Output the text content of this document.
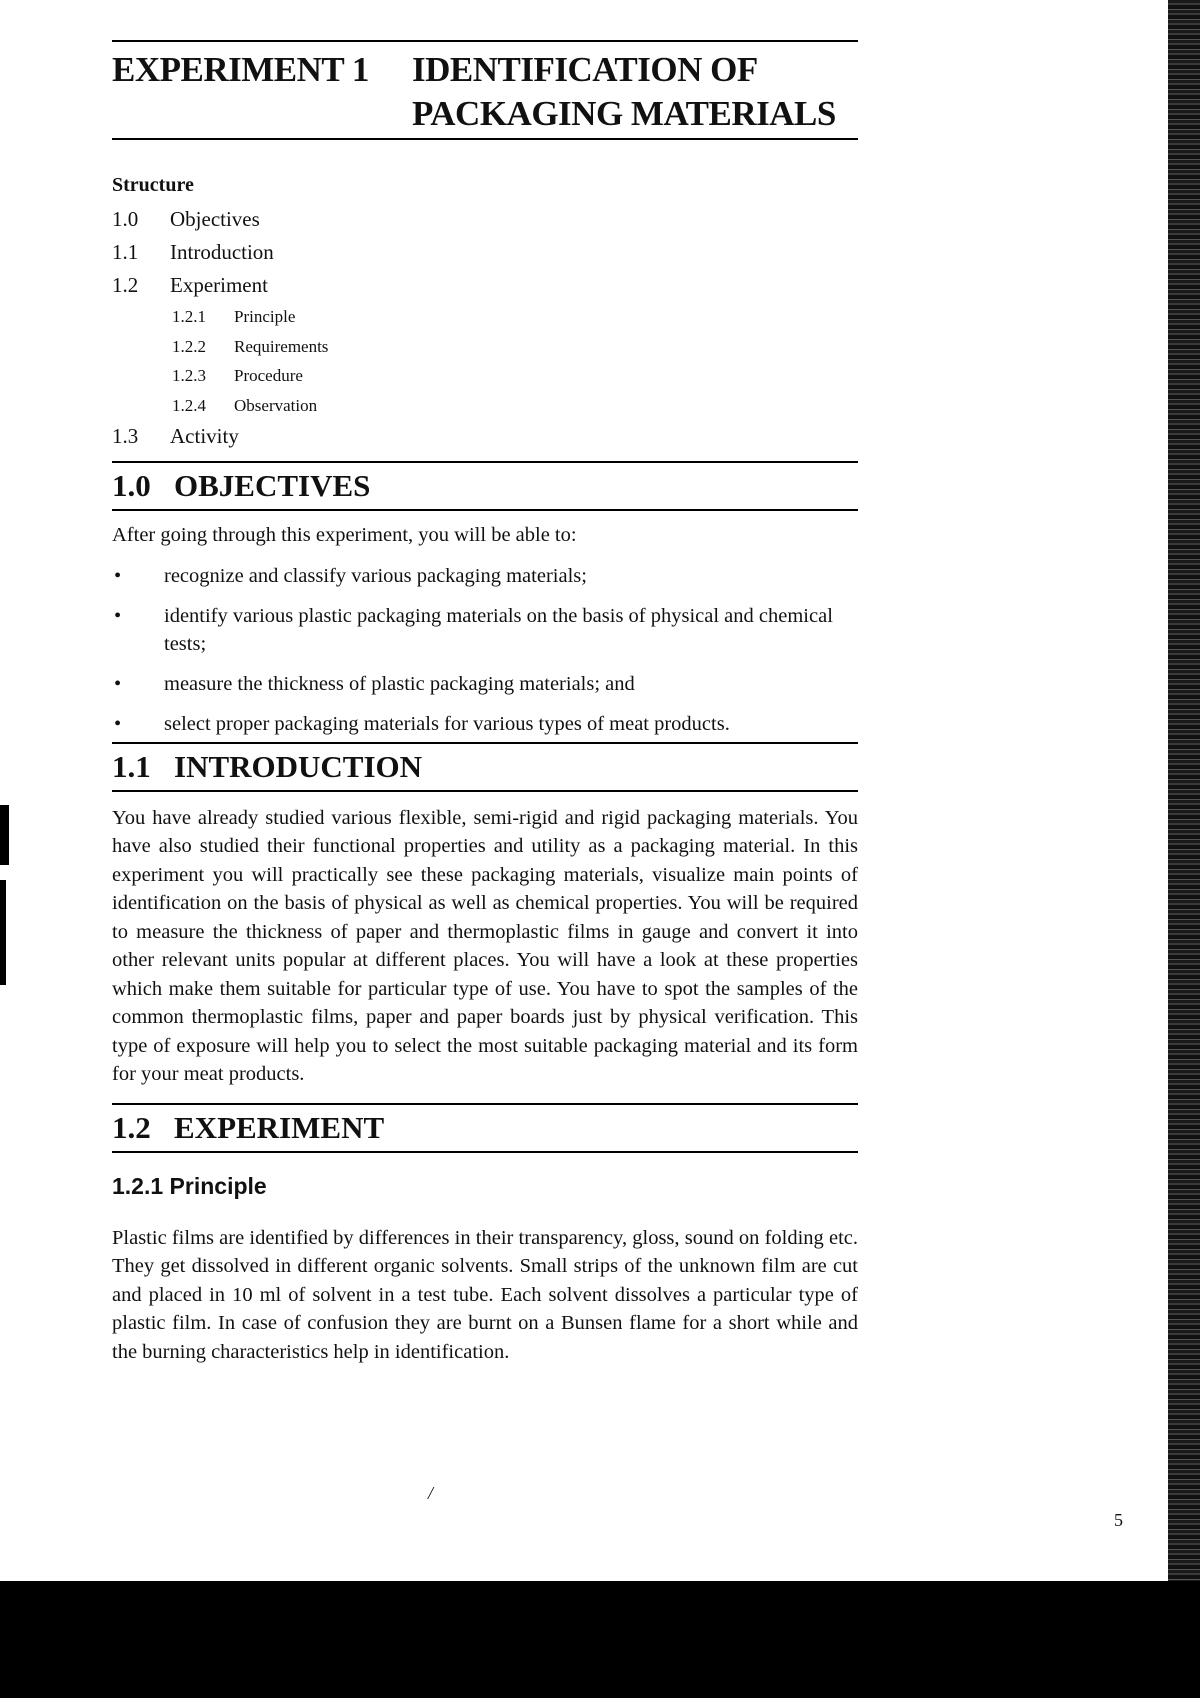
EXPERIMENT 1	IDENTIFICATION OF
PACKAGING MATERIALS
Structure
1.0	Objectives
1.1	Introduction
1.2	Experiment
1.2.1	Principle
1.2.2	Requirements
1.2.3	Procedure
1.2.4	Observation
1.3	Activity
1.0 OBJECTIVES
After going through this experiment, you will be able to:
•	recognize and classify various packaging materials;
•	identify various plastic packaging materials on the basis of physical and chemical tests;
•	measure the thickness of plastic packaging materials; and
•	select proper packaging materials for various types of meat products.
1.1 INTRODUCTION
You have already studied various flexible, semi-rigid and rigid packaging materials. You have also studied their functional properties and utility as a packaging material. In this experiment you will practically see these packaging materials, visualize main points of identification on the basis of physical as well as chemical properties. You will be required to measure the thickness of paper and thermoplastic films in gauge and convert it into other relevant units popular at different places. You will have a look at these properties which make them suitable for particular type of use. You have to spot the samples of the common thermoplastic films, paper and paper boards just by physical verification. This type of exposure will help you to select the most suitable packaging material and its form for your meat products.
1.2 EXPERIMENT
1.2.1 Principle
Plastic films are identified by differences in their transparency, gloss, sound on folding etc. They get dissolved in different organic solvents. Small strips of the unknown film are cut and placed in 10 ml of solvent in a test tube. Each solvent dissolves a particular type of plastic film. In case of confusion they are burnt on a Bunsen flame for a short while and the burning characteristics help in identification.
/
5
